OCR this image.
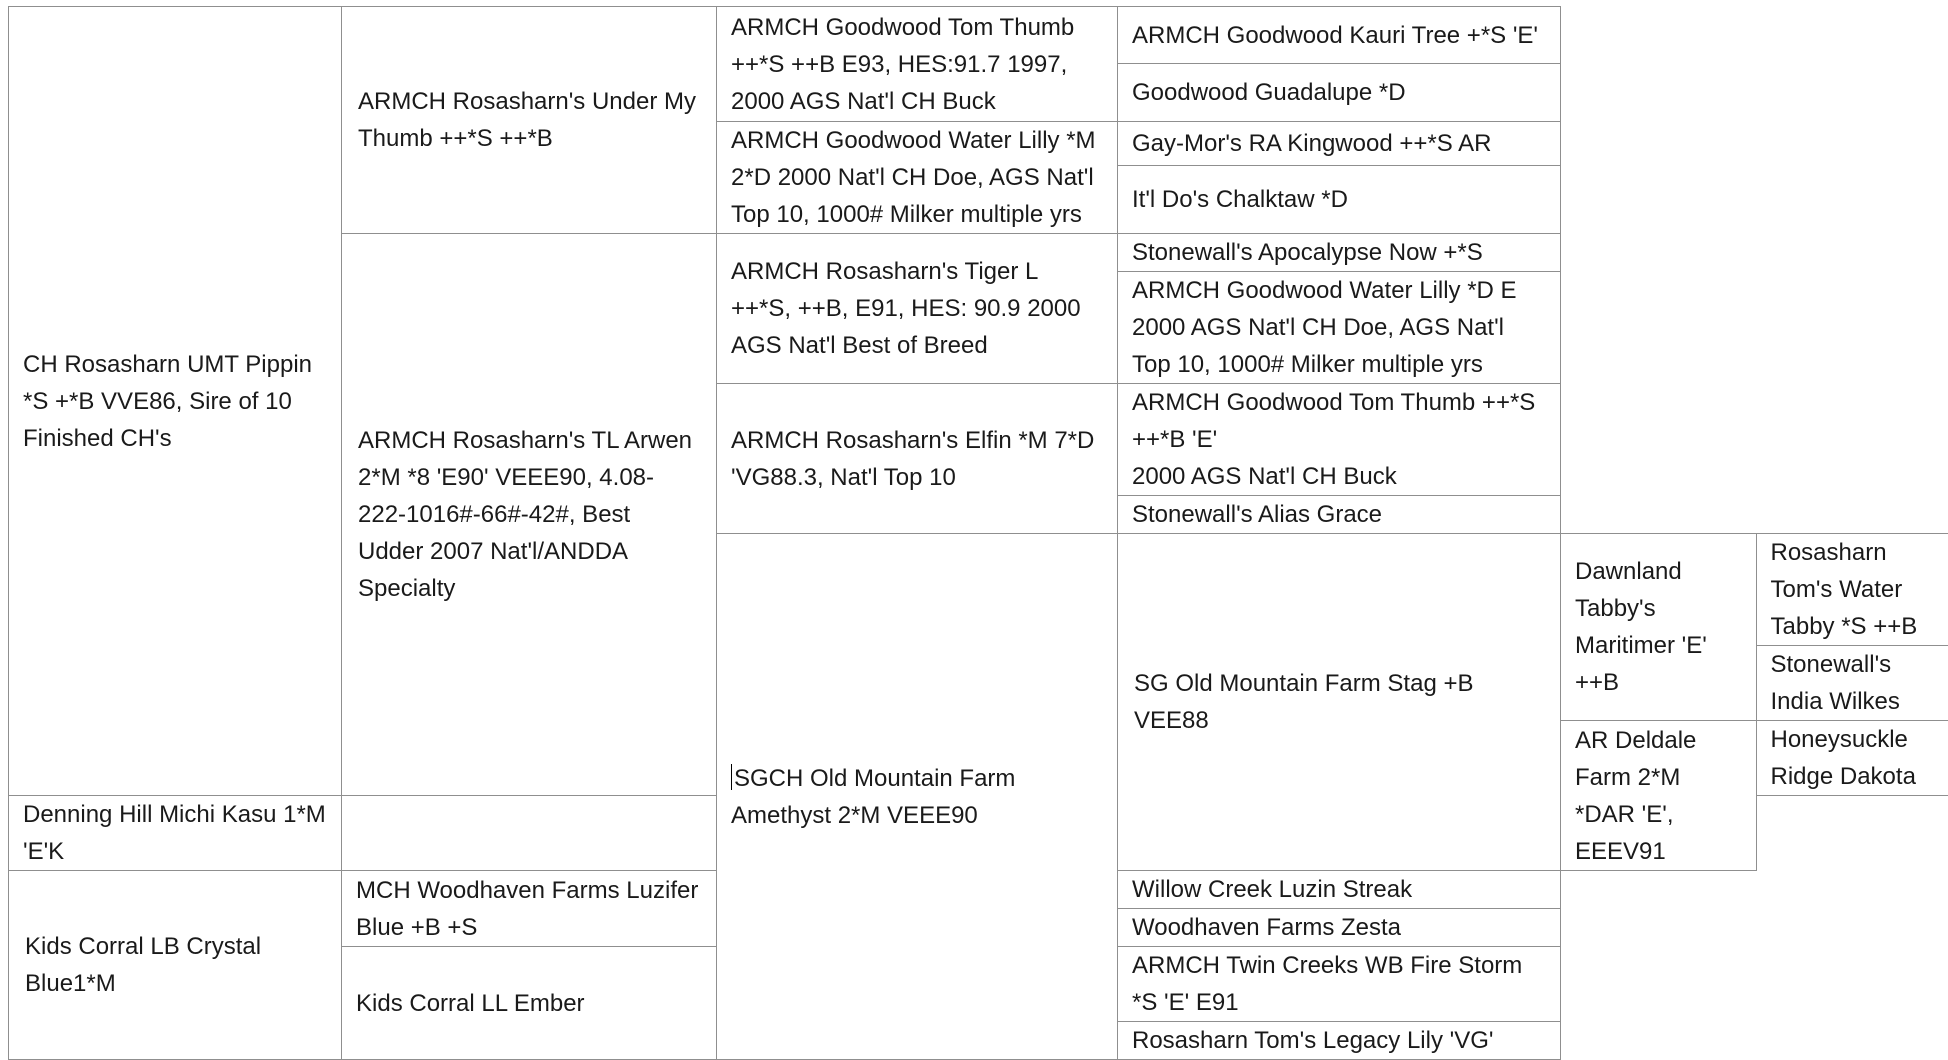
CH Rosasharn UMT Pippin *S +*B VVE86, Sire of 10 Finished CH's	ARMCH Rosasharn's Under My Thumb ++*S ++*B	ARMCH Goodwood Tom Thumb ++*S ++B E93, HES:91.7 1997, 2000 AGS Nat'l CH Buck	ARMCH Goodwood Kauri Tree +*S 'E'		

			Goodwood Guadalupe *D		

		ARMCH Goodwood Water Lilly *M 2*D 2000 Nat'l CH Doe, AGS Nat'l Top 10, 1000# Milker multiple yrs	Gay-Mor's RA Kingwood ++*S AR		

			It'l Do's Chalktaw *D		

	ARMCH Rosasharn's TL Arwen 2*M *8 'E90' VEEE90, 4.08-222-1016#-66#-42#, Best Udder 2007 Nat'l/ANDDA Specialty	ARMCH Rosasharn's Tiger L ++*S, ++B, E91, HES: 90.9 2000 AGS Nat'l Best of Breed	Stonewall's Apocalypse Now +*S		

			ARMCH Goodwood Water Lilly *D E 2000 AGS Nat'l CH Doe, AGS Nat'l Top 10, 1000# Milker multiple yrs		

		ARMCH Rosasharn's Elfin *M 7*D 'VG88.3, Nat'l Top 10	ARMCH Goodwood Tom Thumb ++*S ++*B 'E'
2000 AGS Nat'l CH Buck		

			Stonewall's Alias Grace		

		SGCH Old Mountain Farm Amethyst 2*M VEEE90	SG Old Mountain Farm Stag +B VEE88	Dawnland Tabby's Maritimer 'E' ++B	Rosasharn Tom's Water Tabby *S ++B

					Stonewall's India Wilkes

				AR Deldale Farm 2*M *DAR 'E', EEEV91	Honeysuckle Ridge Dakota

Denning Hill Michi Kasu 1*M 'E'K					

Kids Corral LB Crystal Blue1*M	MCH Woodhaven Farms Luzifer Blue +B +S		Willow Creek Luzin Streak		

			Woodhaven Farms Zesta		

	Kids Corral LL Ember		ARMCH Twin Creeks WB Fire Storm *S 'E' E91		

			Rosasharn Tom's Legacy Lily 'VG'		
